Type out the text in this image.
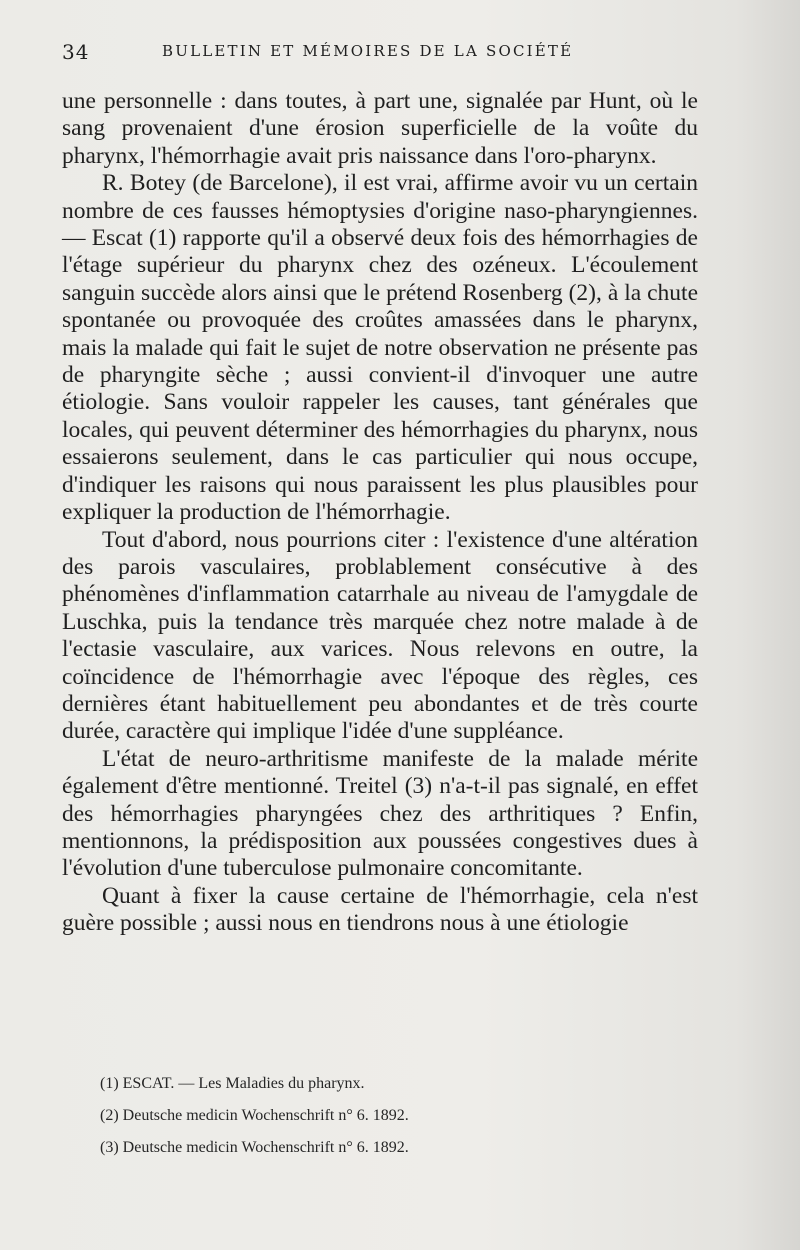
34	BULLETIN ET MÉMOIRES DE LA SOCIÉTÉ

une personnelle : dans toutes, à part une, signalée par Hunt, où le sang provenaient d'une érosion superficielle de la voûte du pharynx, l'hémorrhagie avait pris naissance dans l'oro-pharynx.

R. Botey (de Barcelone), il est vrai, affirme avoir vu un certain nombre de ces fausses hémoptysies d'origine naso-pharyngiennes. — Escat (1) rapporte qu'il a observé deux fois des hémorrhagies de l'étage supérieur du pharynx chez des ozéneux. L'écoulement sanguin succède alors ainsi que le prétend Rosenberg (2), à la chute spontanée ou provoquée des croûtes amassées dans le pharynx, mais la malade qui fait le sujet de notre observation ne présente pas de pharyngite sèche ; aussi convient-il d'invoquer une autre étiologie. Sans vouloir rappeler les causes, tant générales que locales, qui peuvent déterminer des hémorrhagies du pharynx, nous essaierons seulement, dans le cas particulier qui nous occupe, d'indiquer les raisons qui nous paraissent les plus plausibles pour expliquer la production de l'hémorrhagie.

Tout d'abord, nous pourrions citer : l'existence d'une altération des parois vasculaires, problablement consécutive à des phénomènes d'inflammation catarrhale au niveau de l'amygdale de Luschka, puis la tendance très marquée chez notre malade à de l'ectasie vasculaire, aux varices. Nous relevons en outre, la coïncidence de l'hémorrhagie avec l'époque des règles, ces dernières étant habituellement peu abondantes et de très courte durée, caractère qui implique l'idée d'une suppléance.

L'état de neuro-arthritisme manifeste de la malade mérite également d'être mentionné. Treitel (3) n'a-t-il pas signalé, en effet des hémorrhagies pharyngées chez des arthritiques ? Enfin, mentionnons, la prédisposition aux poussées congestives dues à l'évolution d'une tuberculose pulmonaire concomitante.

Quant à fixer la cause certaine de l'hémorrhagie, cela n'est guère possible ; aussi nous en tiendrons nous à une étiologie

(1) ESCAT. — Les Maladies du pharynx.
(2) Deutsche medicin Wochenschrift n° 6. 1892.
(3) Deutsche medicin Wochenschrift n° 6. 1892.
